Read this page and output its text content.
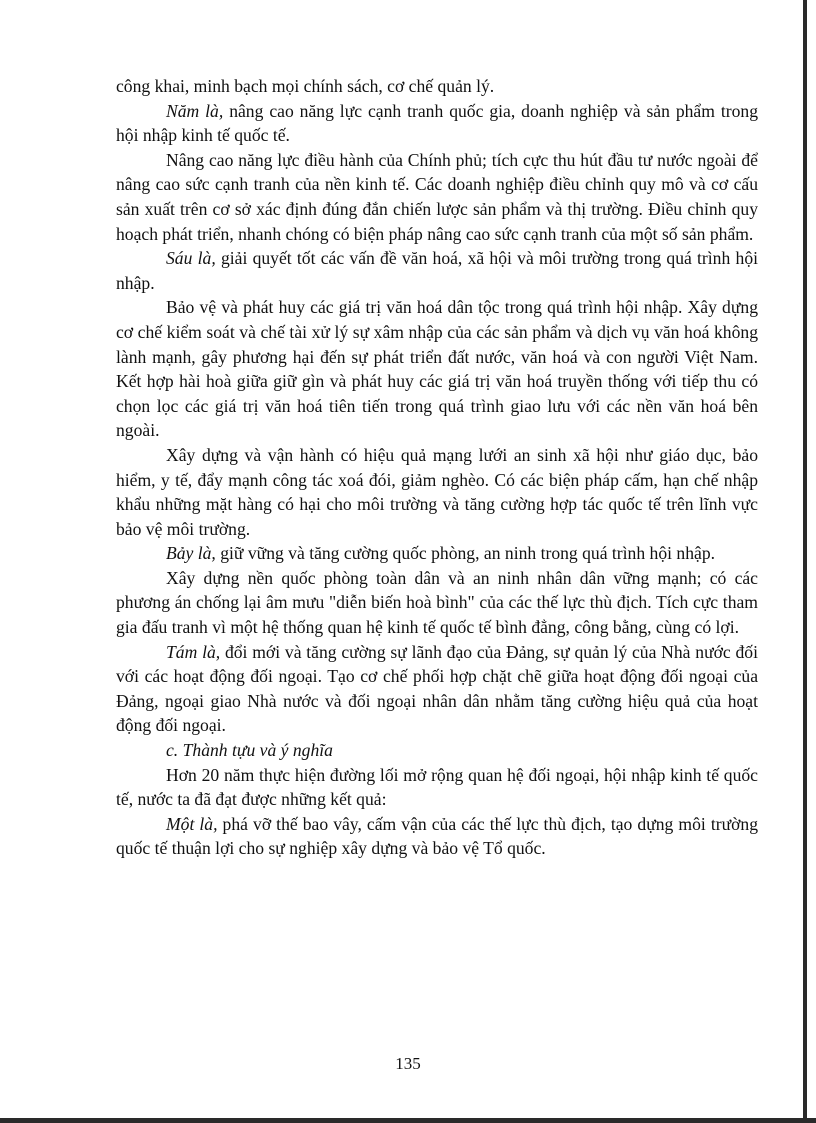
công khai, minh bạch mọi chính sách, cơ chế quản lý.

Năm là, nâng cao năng lực cạnh tranh quốc gia, doanh nghiệp và sản phẩm trong hội nhập kinh tế quốc tế.

Nâng cao năng lực điều hành của Chính phủ; tích cực thu hút đầu tư nước ngoài để nâng cao sức cạnh tranh của nền kinh tế. Các doanh nghiệp điều chỉnh quy mô và cơ cấu sản xuất trên cơ sở xác định đúng đắn chiến lược sản phẩm và thị trường. Điều chỉnh quy hoạch phát triển, nhanh chóng có biện pháp nâng cao sức cạnh tranh của một số sản phẩm.

Sáu là, giải quyết tốt các vấn đề văn hoá, xã hội và môi trường trong quá trình hội nhập.

Bảo vệ và phát huy các giá trị văn hoá dân tộc trong quá trình hội nhập. Xây dựng cơ chế kiểm soát và chế tài xử lý sự xâm nhập của các sản phẩm và dịch vụ văn hoá không lành mạnh, gây phương hại đến sự phát triển đất nước, văn hoá và con người Việt Nam. Kết hợp hài hoà giữa giữ gìn và phát huy các giá trị văn hoá truyền thống với tiếp thu có chọn lọc các giá trị văn hoá tiên tiến trong quá trình giao lưu với các nền văn hoá bên ngoài.

Xây dựng và vận hành có hiệu quả mạng lưới an sinh xã hội như giáo dục, bảo hiểm, y tế, đẩy mạnh công tác xoá đói, giảm nghèo. Có các biện pháp cấm, hạn chế nhập khẩu những mặt hàng có hại cho môi trường và tăng cường hợp tác quốc tế trên lĩnh vực bảo vệ môi trường.

Bảy là, giữ vững và tăng cường quốc phòng, an ninh trong quá trình hội nhập.

Xây dựng nền quốc phòng toàn dân và an ninh nhân dân vững mạnh; có các phương án chống lại âm mưu "diễn biến hoà bình" của các thế lực thù địch. Tích cực tham gia đấu tranh vì một hệ thống quan hệ kinh tế quốc tế bình đẳng, công bằng, cùng có lợi.

Tám là, đổi mới và tăng cường sự lãnh đạo của Đảng, sự quản lý của Nhà nước đối với các hoạt động đối ngoại. Tạo cơ chế phối hợp chặt chẽ giữa hoạt động đối ngoại của Đảng, ngoại giao Nhà nước và đối ngoại nhân dân nhằm tăng cường hiệu quả của hoạt động đối ngoại.

c. Thành tựu và ý nghĩa

Hơn 20 năm thực hiện đường lối mở rộng quan hệ đối ngoại, hội nhập kinh tế quốc tế, nước ta đã đạt được những kết quả:

Một là, phá vỡ thế bao vây, cấm vận của các thế lực thù địch, tạo dựng môi trường quốc tế thuận lợi cho sự nghiệp xây dựng và bảo vệ Tổ quốc.

135
